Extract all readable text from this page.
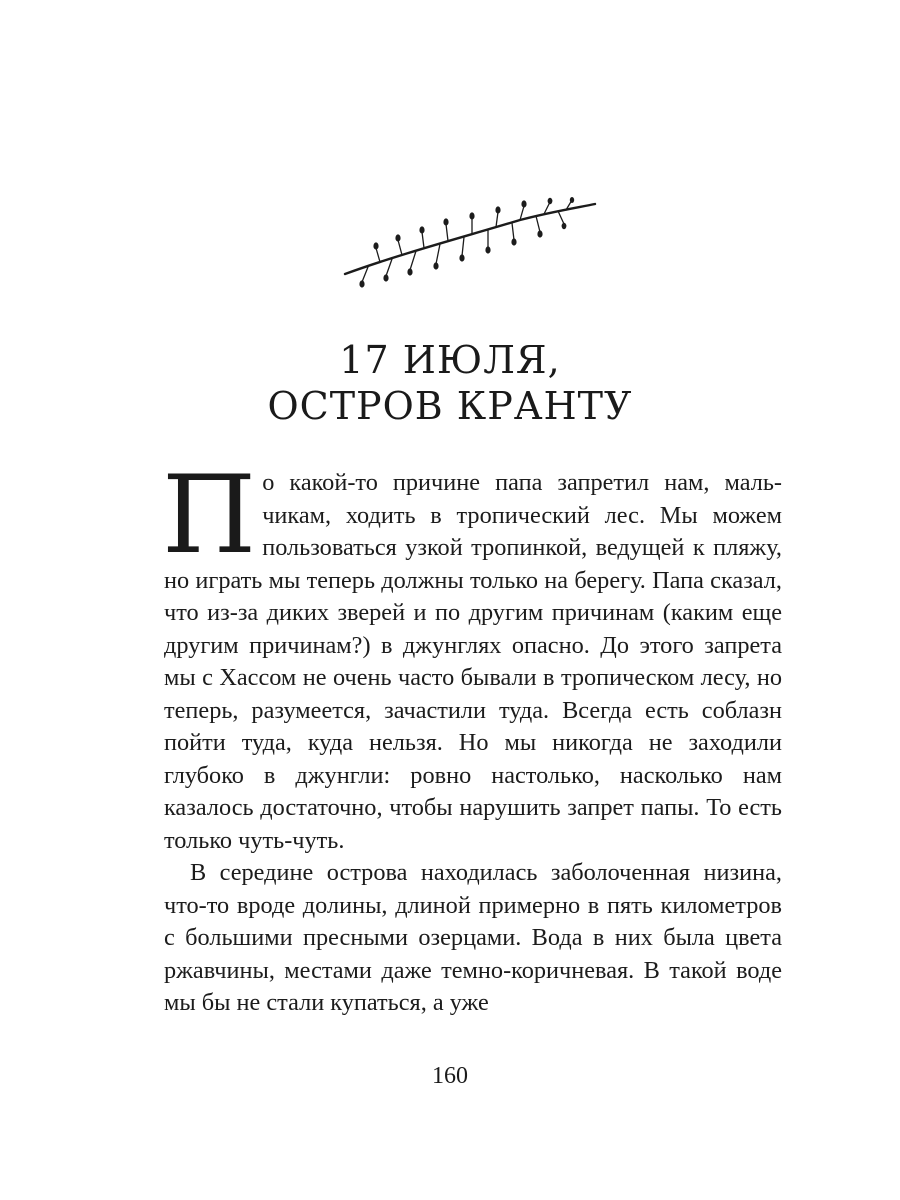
17 ИЮЛЯ,
ОСТРОВ КРАНТУ

По какой-то причине папа запретил нам, мальчикам, ходить в тропический лес. Мы можем пользоваться узкой тропинкой, ведущей к пляжу, но играть мы теперь должны только на берегу. Папа сказал, что из-за диких зверей и по другим причинам (каким еще другим причинам?) в джунглях опасно. До этого запрета мы с Хассом не очень часто бывали в тропическом лесу, но теперь, разумеется, зачастили туда. Всегда есть соблазн пойти туда, куда нельзя. Но мы никогда не заходили глубоко в джунгли: ровно настолько, насколько нам казалось достаточно, чтобы нарушить запрет папы. То есть только чуть-чуть.

В середине острова находилась заболоченная низина, что-то вроде долины, длиной примерно в пять километров с большими пресными озерцами. Вода в них была цвета ржавчины, местами даже темно-коричневая. В такой воде мы бы не стали купаться, а уже

160
